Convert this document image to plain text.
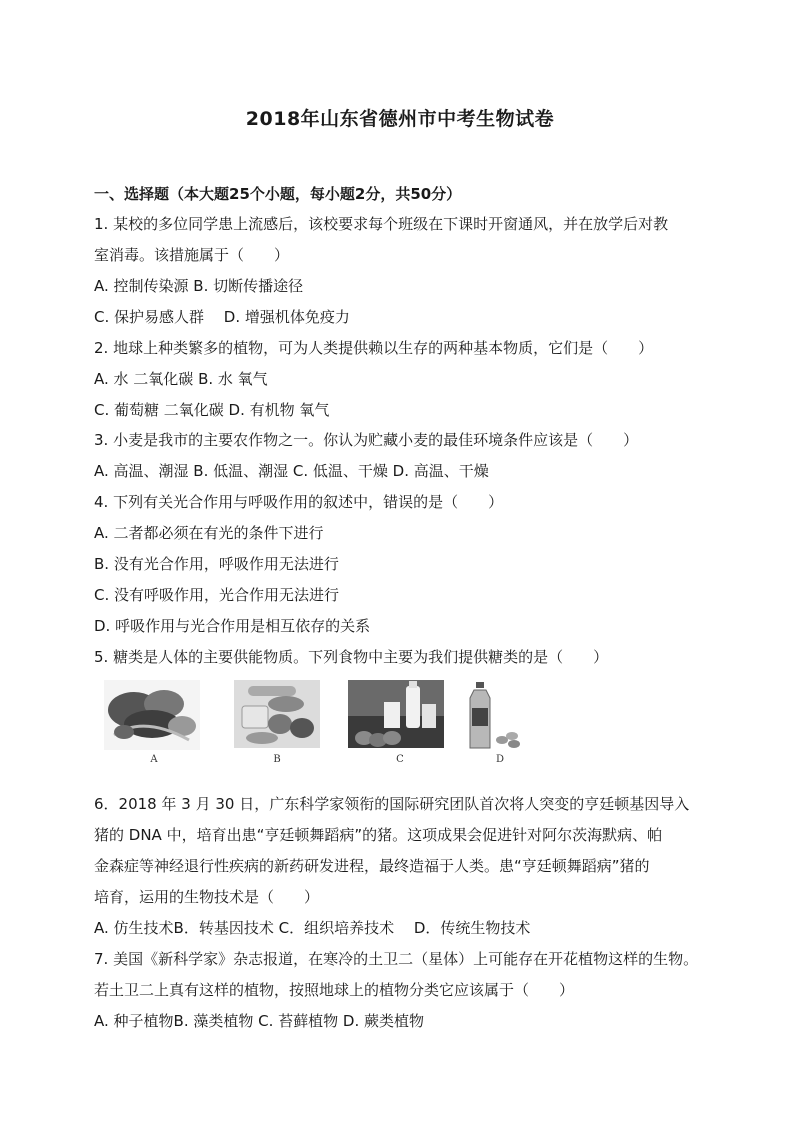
2018年山东省德州市中考生物试卷
一、选择题（本大题25个小题，每小题2分，共50分）
1. 某校的多位同学患上流感后，该校要求每个班级在下课时开窗通风，并在放学后对教
室消毒。该措施属于（　　）
A. 控制传染源 B. 切断传播途径
C. 保护易感人群　 D. 增强机体免疫力
2. 地球上种类繁多的植物，可为人类提供赖以生存的两种基本物质，它们是（　　）
A. 水 二氧化碳 B. 水 氧气
C. 葡萄糖 二氧化碳 D. 有机物 氧气
3. 小麦是我市的主要农作物之一。你认为贮藏小麦的最佳环境条件应该是（　　）
A. 高温、潮湿 B. 低温、潮湿 C. 低温、干燥 D. 高温、干燥
4. 下列有关光合作用与呼吸作用的叙述中，错误的是（　　）
A. 二者都必须在有光的条件下进行
B. 没有光合作用，呼吸作用无法进行
C. 没有呼吸作用，光合作用无法进行
D. 呼吸作用与光合作用是相互依存的关系
5. 糖类是人体的主要供能物质。下列食物中主要为我们提供糖类的是（　　）
A	B	C	D
6．2018 年 3 月 30 日，广东科学家领衔的国际研究团队首次将人突变的亨廷顿基因导入
猪的 DNA 中，培育出患“亨廷顿舞蹈病”的猪。这项成果会促进针对阿尔茨海默病、帕
金森症等神经退行性疾病的新药研发进程，最终造福于人类。患“亨廷顿舞蹈病”猪的
培育，运用的生物技术是（　　）
A. 仿生技术B．转基因技术 C．组织培养技术　 D．传统生物技术
7. 美国《新科学家》杂志报道，在寒冷的土卫二（星体）上可能存在开花植物这样的生物。
若土卫二上真有这样的植物，按照地球上的植物分类它应该属于（　　）
A. 种子植物B. 藻类植物 C. 苔藓植物 D. 蕨类植物
